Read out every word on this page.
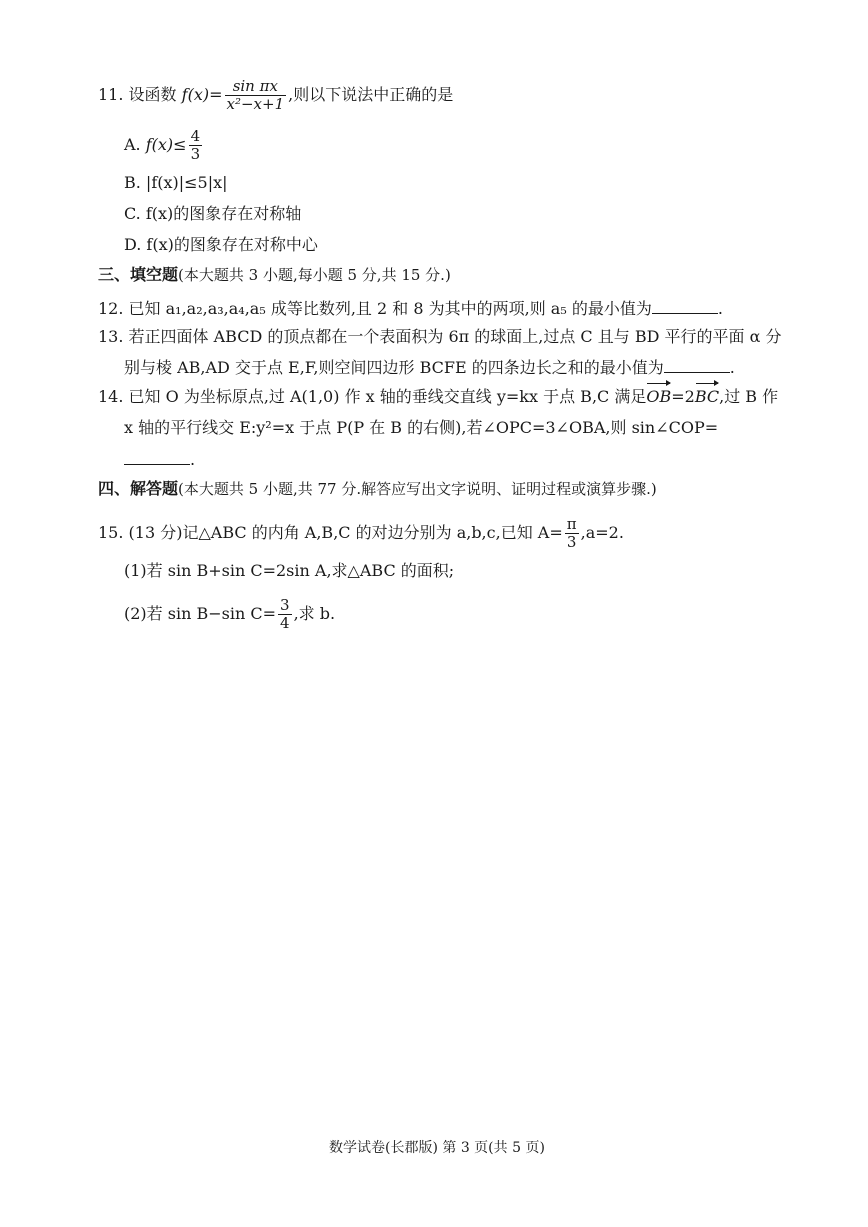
11. 设函数 $f(x)= \frac{\text{sin πx}}{\text{x²−x+1}}$ ,则以下说法中正确的是
A. $f(x)\le \frac{4}{3}$
B. |f(x)|≤5|x|
C. f(x)的图象存在对称轴
D. f(x)的图象存在对称中心
三、填空题(本大题共 3 小题,每小题 5 分,共 15 分.)
12. 已知 a₁,a₂,a₃,a₄,a₅ 成等比数列,且 2 和 8 为其中的两项,则 a₅ 的最小值为	.
13. 若正四面体 ABCD 的顶点都在一个表面积为 6π 的球面上,过点 C 且与 BD 平行的平面 α 分
别与棱 AB,AD 交于点 E,F,则空间四边形 BCFE 的四条边长之和的最小值为	.
14. 已知 O 为坐标原点,过 A(1,0) 作 x 轴的垂线交直线 y=kx 于点 B,C 满足OB=2BC,过 B 作
x 轴的平行线交 E:y²=x 于点 P(P 在 B 的右侧),若∠OPC=3∠OBA,则 sin∠COP=
.
四、解答题(本大题共 5 小题,共 77 分.解答应写出文字说明、证明过程或演算步骤.)
15. (13 分)记△ABC 的内角 A,B,C 的对边分别为 a,b,c,已知 $A= \frac{\pi}{3} ,a=2$.
(1)若 sin B+sin C=2sin A,求△ABC 的面积;
(2)若 sin B−sin $C= \frac{3}{4}$ ,求 b.
数学试卷(长郡版) 第 3 页(共 5 页)
